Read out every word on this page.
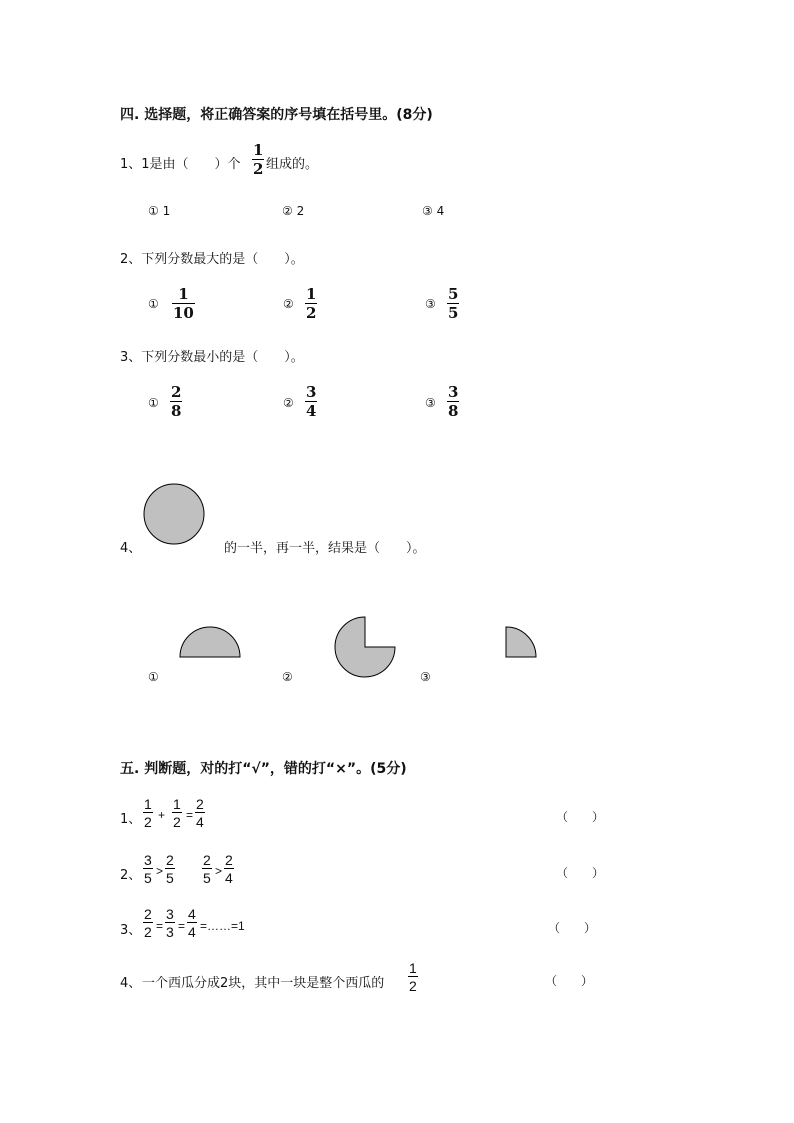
四. 选择题，将正确答案的序号填在括号里。(8分)
1、1是由（　　）个 $\frac{1}{2}$ 组成的。
① 1	② 2	③ 4
2、下列分数最大的是（　　）。
① $\frac{1}{10}$	② $\frac{1}{2}$	③ $\frac{5}{5}$
3、下列分数最小的是（　　）。
① $\frac{2}{8}$	② $\frac{3}{4}$	③ $\frac{3}{8}$
4、	的一半，再一半，结果是（　　）。
①	②	③
五. 判断题，对的打“√”，错的打“×”。(5分)
1、 $\frac{1}{2} + \frac{1}{2} = \frac{2}{4}$	（　　）
2、 $\frac{3}{5} > \frac{2}{5} \frac{2}{5} > \frac{2}{4}$	（　　）
3、 $\frac{2}{2} = \frac{3}{3} = \frac{4}{4}$ =……=1	（　　）
4、 一个西瓜分成2块，其中一块是整个西瓜的 $\frac{1}{2}$	（　　）
